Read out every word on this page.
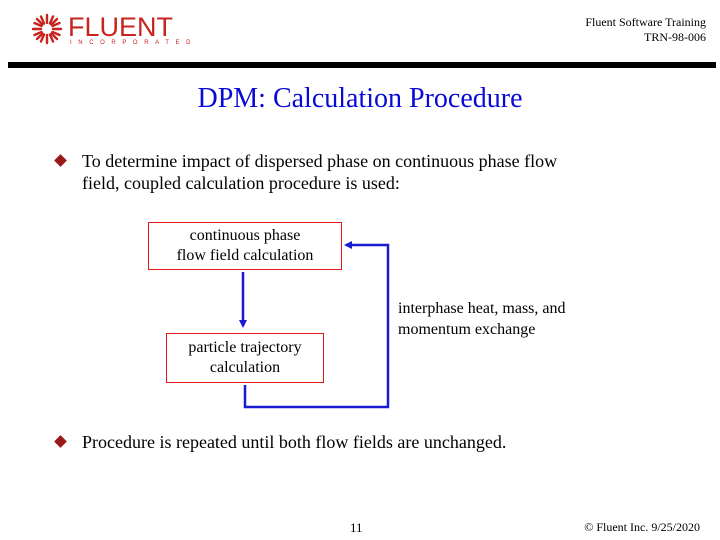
FLUENT
INCORPORATED
Fluent Software Training
TRN-98-006
DPM: Calculation Procedure
To determine impact of dispersed phase on continuous phase flow
field, coupled calculation procedure is used:
continuous phase
flow field calculation
particle trajectory
calculation
interphase heat, mass, and
momentum exchange
Procedure is repeated until both flow fields are unchanged.
11	© Fluent Inc. 9/25/2020
